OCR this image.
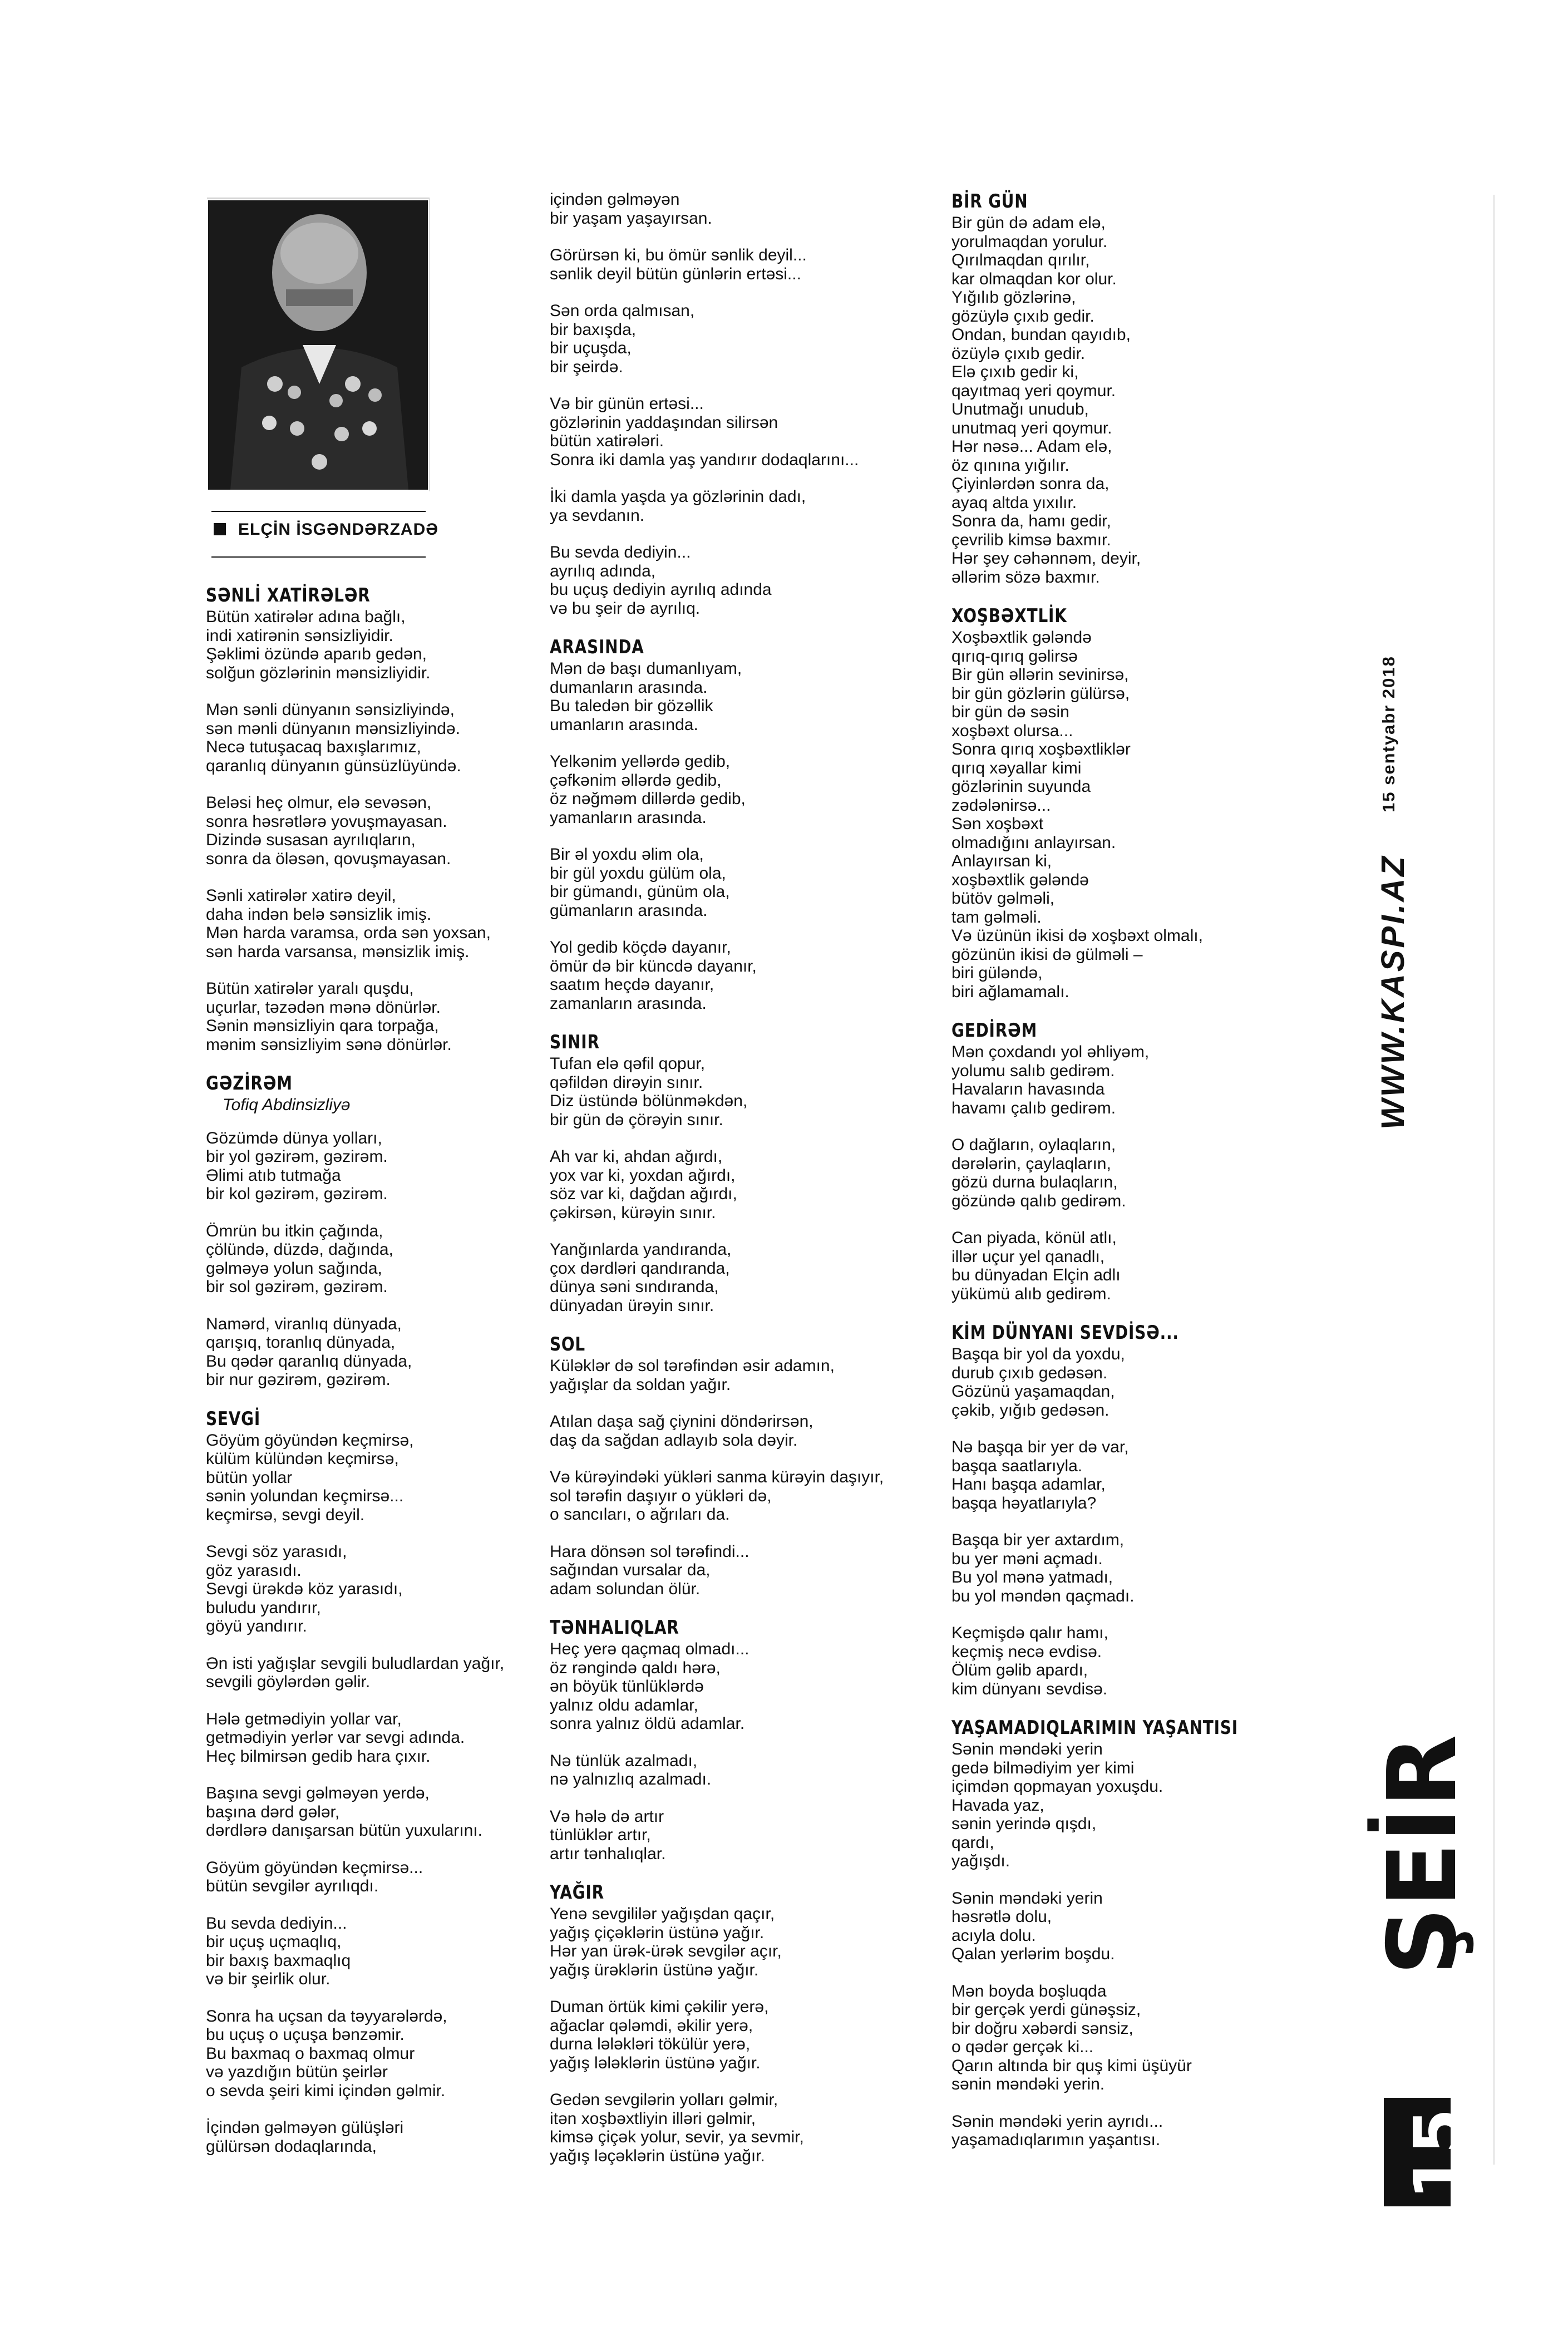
ELÇİN İSGƏNDƏRZADƏ
SƏNLİ XATİRƏLƏR
Bütün xatirələr adına bağlı,
indi xatirənin sənsizliyidir.
Şəklimi özündə aparıb gedən,
solğun gözlərinin mənsizliyidir.
Mən sənli dünyanın sənsizliyində,
sən mənli dünyanın mənsizliyində.
Necə tutuşacaq baxışlarımız,
qaranlıq dünyanın günsüzlüyündə.
Beləsi heç olmur, elə sevəsən,
sonra həsrətlərə yovuşmayasan.
Dizində susasan ayrılıqların,
sonra da öləsən, qovuşmayasan.
Sənli xatirələr xatirə deyil,
daha indən belə sənsizlik imiş.
Mən harda varamsa, orda sən yoxsan,
sən harda varsansa, mənsizlik imiş.
Bütün xatirələr yaralı quşdu,
uçurlar, təzədən mənə dönürlər.
Sənin mənsizliyin qara torpağa,
mənim sənsizliyim sənə dönürlər.
GƏZİRƏM
Tofiq Abdinsizliyə
Gözümdə dünya yolları,
bir yol gəzirəm, gəzirəm.
Əlimi atıb tutmağa
bir kol gəzirəm, gəzirəm.
Ömrün bu itkin çağında,
çölündə, düzdə, dağında,
gəlməyə yolun sağında,
bir sol gəzirəm, gəzirəm.
Namərd, viranlıq dünyada,
qarışıq, toranlıq dünyada,
Bu qədər qaranlıq dünyada,
bir nur gəzirəm, gəzirəm.
SEVGİ
Göyüm göyündən keçmirsə,
külüm külündən keçmirsə,
bütün yollar
sənin yolundan keçmirsə...
keçmirsə, sevgi deyil.
Sevgi söz yarasıdı,
göz yarasıdı.
Sevgi ürəkdə köz yarasıdı,
buludu yandırır,
göyü yandırır.
Ən isti yağışlar sevgili buludlardan yağır,
sevgili göylərdən gəlir.
Hələ getmədiyin yollar var,
getmədiyin yerlər var sevgi adında.
Heç bilmirsən gedib hara çıxır.
Başına sevgi gəlməyən yerdə,
başına dərd gələr,
dərdlərə danışarsan bütün yuxularını.
Göyüm göyündən keçmirsə...
bütün sevgilər ayrılıqdı.
Bu sevda dediyin...
bir uçuş uçmaqlıq,
bir baxış baxmaqlıq
və bir şeirlik olur.
Sonra ha uçsan da təyyarələrdə,
bu uçuş o uçuşa bənzəmir.
Bu baxmaq o baxmaq olmur
və yazdığın bütün şeirlər
o sevda şeiri kimi içindən gəlmir.
İçindən gəlməyən gülüşləri
gülürsən dodaqlarında,
içindən gəlməyən
bir yaşam yaşayırsan.
Görürsən ki, bu ömür sənlik deyil...
sənlik deyil bütün günlərin ertəsi...
Sən orda qalmısan,
bir baxışda,
bir uçuşda,
bir şeirdə.
Və bir günün ertəsi...
gözlərinin yaddaşından silirsən
bütün xatirələri.
Sonra iki damla yaş yandırır dodaqlarını...
İki damla yaşda ya gözlərinin dadı,
ya sevdanın.
Bu sevda dediyin...
ayrılıq adında,
bu uçuş dediyin ayrılıq adında
və bu şeir də ayrılıq.
ARASINDA
Mən də başı dumanlıyam,
dumanların arasında.
Bu taledən bir gözəllik
umanların arasında.
Yelkənim yellərdə gedib,
çəfkənim əllərdə gedib,
öz nəğməm dillərdə gedib,
yamanların arasında.
Bir əl yoxdu əlim ola,
bir gül yoxdu gülüm ola,
bir gümandı, günüm ola,
gümanların arasında.
Yol gedib köçdə dayanır,
ömür də bir küncdə dayanır,
saatım heçdə dayanır,
zamanların arasında.
SINIR
Tufan elə qəfil qopur,
qəfildən dirəyin sınır.
Diz üstündə bölünməkdən,
bir gün də çörəyin sınır.
Ah var ki, ahdan ağırdı,
yox var ki, yoxdan ağırdı,
söz var ki, dağdan ağırdı,
çəkirsən, kürəyin sınır.
Yanğınlarda yandıranda,
çox dərdləri qandıranda,
dünya səni sındıranda,
dünyadan ürəyin sınır.
SOL
Küləklər də sol tərəfindən əsir adamın,
yağışlar da soldan yağır.
Atılan daşa sağ çiynini döndərirsən,
daş da sağdan adlayıb sola dəyir.
Və kürəyindəki yükləri sanma kürəyin daşıyır,
sol tərəfin daşıyır o yükləri də,
o sancıları, o ağrıları da.
Hara dönsən sol tərəfindi...
sağından vursalar da,
adam solundan ölür.
TƏNHALIQLAR
Heç yerə qaçmaq olmadı...
öz rəngində qaldı hərə,
ən böyük tünlüklərdə
yalnız oldu adamlar,
sonra yalnız öldü adamlar.
Nə tünlük azalmadı,
nə yalnızlıq azalmadı.
Və hələ də artır
tünlüklər artır,
artır tənhalıqlar.
YAĞIR
Yenə sevgililər yağışdan qaçır,
yağış çiçəklərin üstünə yağır.
Hər yan ürək-ürək sevgilər açır,
yağış ürəklərin üstünə yağır.
Duman örtük kimi çəkilir yerə,
ağaclar qələmdi, əkilir yerə,
durna lələkləri tökülür yerə,
yağış lələklərin üstünə yağır.
Gedən sevgilərin yolları gəlmir,
itən xoşbəxtliyin illəri gəlmir,
kimsə çiçək yolur, sevir, ya sevmir,
yağış ləçəklərin üstünə yağır.
BİR GÜN
Bir gün də adam elə,
yorulmaqdan yorulur.
Qırılmaqdan qırılır,
kar olmaqdan kor olur.
Yığılıb gözlərinə,
gözüylə çıxıb gedir.
Ondan, bundan qayıdıb,
özüylə çıxıb gedir.
Elə çıxıb gedir ki,
qayıtmaq yeri qoymur.
Unutmağı unudub,
unutmaq yeri qoymur.
Hər nəsə... Adam elə,
öz qınına yığılır.
Çiyinlərdən sonra da,
ayaq altda yıxılır.
Sonra da, hamı gedir,
çevrilib kimsə baxmır.
Hər şey cəhənnəm, deyir,
əllərim sözə baxmır.
XOŞBƏXTLİK
Xoşbəxtlik gələndə
qırıq-qırıq gəlirsə
Bir gün əllərin sevinirsə,
bir gün gözlərin gülürsə,
bir gün də səsin
xoşbəxt olursa...
Sonra qırıq xoşbəxtliklər
qırıq xəyallar kimi
gözlərinin suyunda
zədələnirsə...
Sən xoşbəxt
olmadığını anlayırsan.
Anlayırsan ki,
xoşbəxtlik gələndə
bütöv gəlməli,
tam gəlməli.
Və üzünün ikisi də xoşbəxt olmalı,
gözünün ikisi də gülməli –
biri güləndə,
biri ağlamamalı.
GEDİRƏM
Mən çoxdandı yol əhliyəm,
yolumu salıb gedirəm.
Havaların havasında
havamı çalıb gedirəm.
O dağların, oylaqların,
dərələrin, çaylaqların,
gözü durna bulaqların,
gözündə qalıb gedirəm.
Can piyada, könül atlı,
illər uçur yel qanadlı,
bu dünyadan Elçin adlı
yükümü alıb gedirəm.
KİM DÜNYANI SEVDİSƏ...
Başqa bir yol da yoxdu,
durub çıxıb gedəsən.
Gözünü yaşamaqdan,
çəkib, yığıb gedəsən.
Nə başqa bir yer də var,
başqa saatlarıyla.
Hanı başqa adamlar,
başqa həyatlarıyla?
Başqa bir yer axtardım,
bu yer məni açmadı.
Bu yol mənə yatmadı,
bu yol məndən qaçmadı.
Keçmişdə qalır hamı,
keçmiş necə evdisə.
Ölüm gəlib apardı,
kim dünyanı sevdisə.
YAŞAMADIQLARIMIN YAŞANTISI
Sənin məndəki yerin
gedə bilmədiyim yer kimi
içimdən qopmayan yoxuşdu.
Havada yaz,
sənin yerində qışdı,
qardı,
yağışdı.
Sənin məndəki yerin
həsrətlə dolu,
acıyla dolu.
Qalan yerlərim boşdu.
Mən boyda boşluqda
bir gerçək yerdi günəşsiz,
bir doğru xəbərdi sənsiz,
o qədər gerçək ki...
Qarın altında bir quş kimi üşüyür
sənin məndəki yerin.
Sənin məndəki yerin ayrıdı...
yaşamadıqlarımın yaşantısı.
15 sentyabr 2018
WWW.KASPI.AZ
ŞEİR
15
